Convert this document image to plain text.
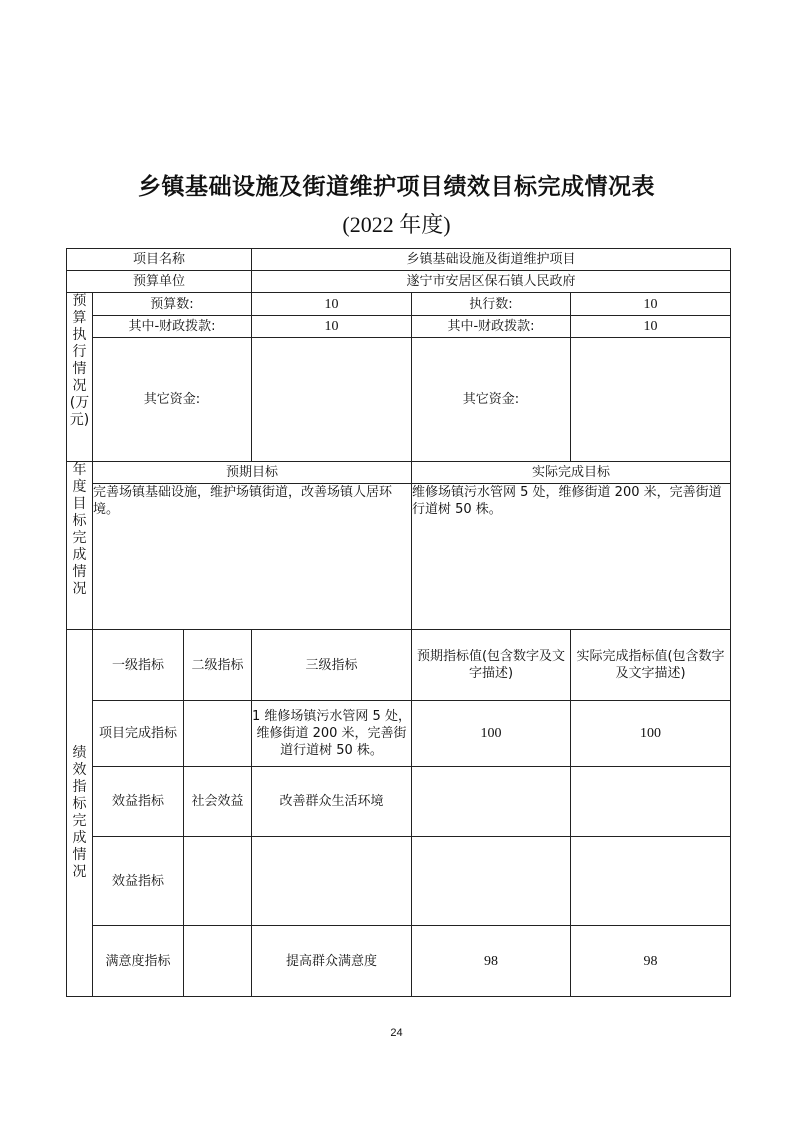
乡镇基础设施及街道维护项目绩效目标完成情况表
(2022 年度)
项目名称			乡镇基础设施及街道维护项目		
预算单位			遂宁市安居区保石镇人民政府		
预算执行情况(万元)	预算数:		10	执行数:	10
	其中-财政拨款:		10	其中-财政拨款:	10
	其它资金:			其它资金:	
年度目标完成情况	预期目标			实际完成目标	
	完善场镇基础设施，维护场镇街道，改善场镇人居环境。			维修场镇污水管网 5 处，维修街道 200 米，完善街道行道树 50 株。	
绩效指标完成情况	一级指标	二级指标	三级指标	预期指标值(包含数字及文字描述)	实际完成指标值(包含数字及文字描述)
	项目完成指标		1 维修场镇污水管网 5 处，维修街道 200 米，完善街道行道树 50 株。	100	100
	效益指标	社会效益	改善群众生活环境		
	效益指标				
	满意度指标		提高群众满意度	98	98
24
